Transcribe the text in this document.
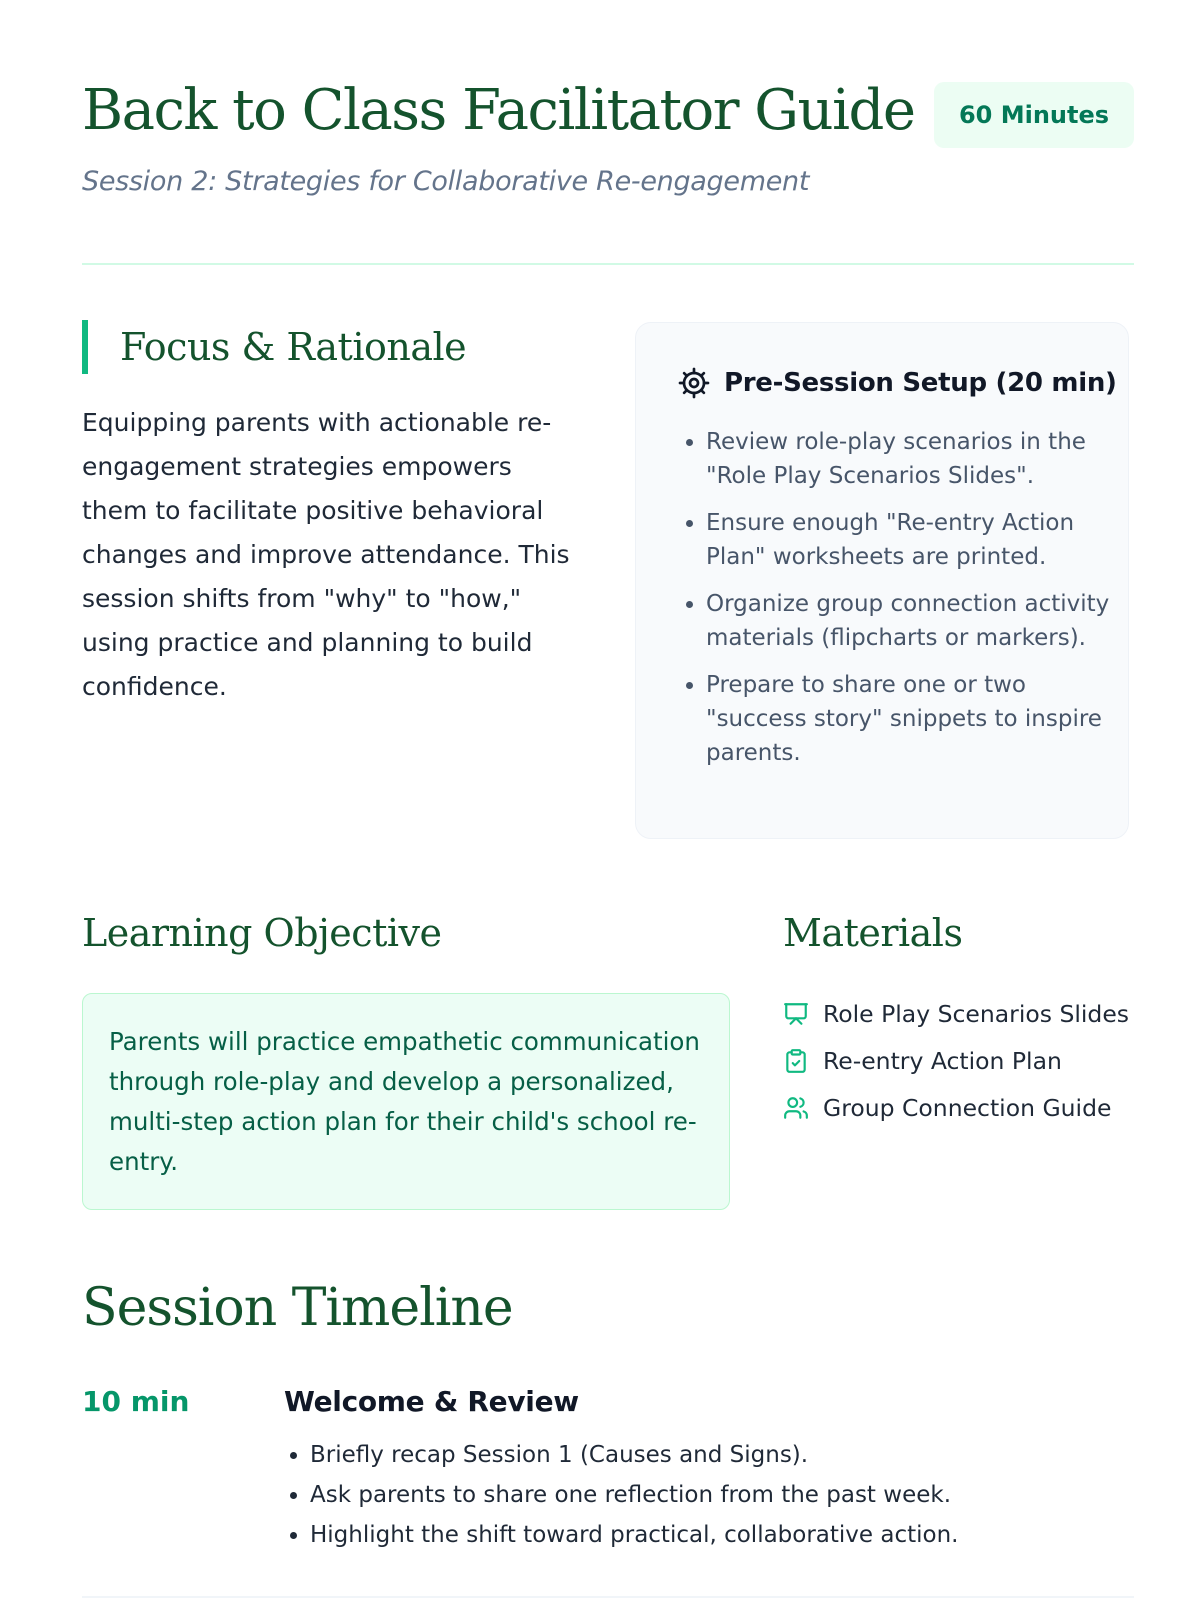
Back to Class Facilitator Guide	60 Minutes
Session 2: Strategies for Collaborative Re-engagement
Focus & Rationale

Equipping parents with actionable re-engagement strategies empowers them to facilitate positive behavioral changes and improve attendance. This session shifts from "why" to "how," using practice and planning to build confidence.

Pre-Session Setup (20 min)
• Review role-play scenarios in the "Role Play Scenarios Slides".
• Ensure enough "Re-entry Action Plan" worksheets are printed.
• Organize group connection activity materials (flipcharts or markers).
• Prepare to share one or two "success story" snippets to inspire parents.
Learning Objective
Parents will practice empathetic communication through role-play and develop a personalized, multi-step action plan for their child's school re-entry.
Materials
Role Play Scenarios Slides
Re-entry Action Plan
Group Connection Guide
Session Timeline
10 min	Welcome & Review
• Briefly recap Session 1 (Causes and Signs).
• Ask parents to share one reflection from the past week.
• Highlight the shift toward practical, collaborative action.
